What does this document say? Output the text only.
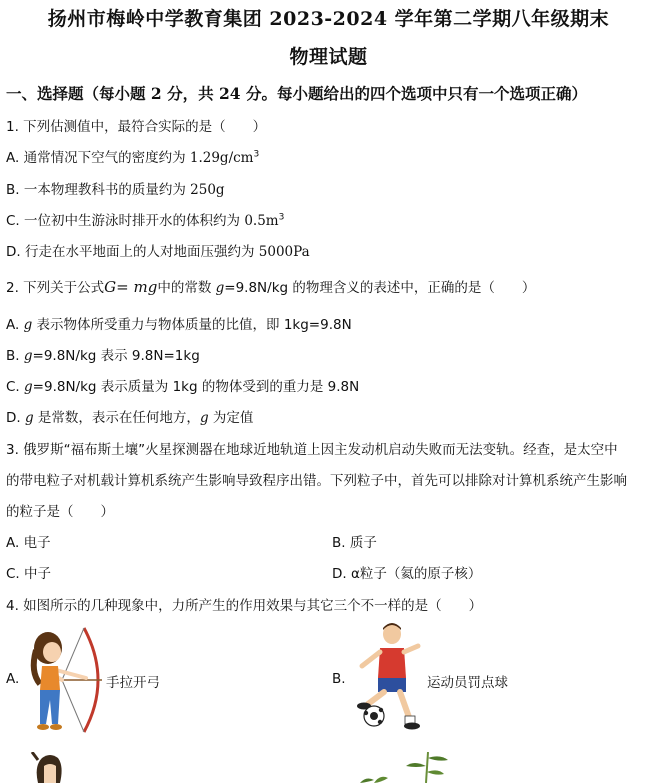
扬州市梅岭中学教育集团 2023-2024 学年第二学期八年级期末
物理试题
一、选择题（每小题 2 分，共 24 分。每小题给出的四个选项中只有一个选项正确）
1. 下列估测值中，最符合实际的是（　　）
A. 通常情况下空气的密度约为 $1.29g/cm^3$
B. 一本物理教科书的质量约为 250g
C. 一位初中生游泳时排开水的体积约为 $0.5m^3$
D. 行走在水平地面上的人对地面压强约为 5000Pa
2. 下列关于公式G= mg中的常数 g=9.8N/kg 的物理含义的表述中，正确的是（　　）
A. g 表示物体所受重力与物体质量的比值，即 1kg=9.8N
B. g=9.8N/kg 表示 9.8N=1kg
C. g=9.8N/kg 表示质量为 1kg 的物体受到的重力是 9.8N
D. g 是常数，表示在任何地方，g 为定值
3. 俄罗斯“福布斯土壤”火星探测器在地球近地轨道上因主发动机启动失败而无法变轨。经查，是太空中
的带电粒子对机载计算机系统产生影响导致程序出错。下列粒子中，首先可以排除对计算机系统产生影响
的粒子是（　　）
A. 电子	B. 质子
C. 中子	D. α粒子（氦的原子核）
4. 如图所示的几种现象中，力所产生的作用效果与其它三个不一样的是（　　）
A.	手拉开弓	B.	运动员罚点球
